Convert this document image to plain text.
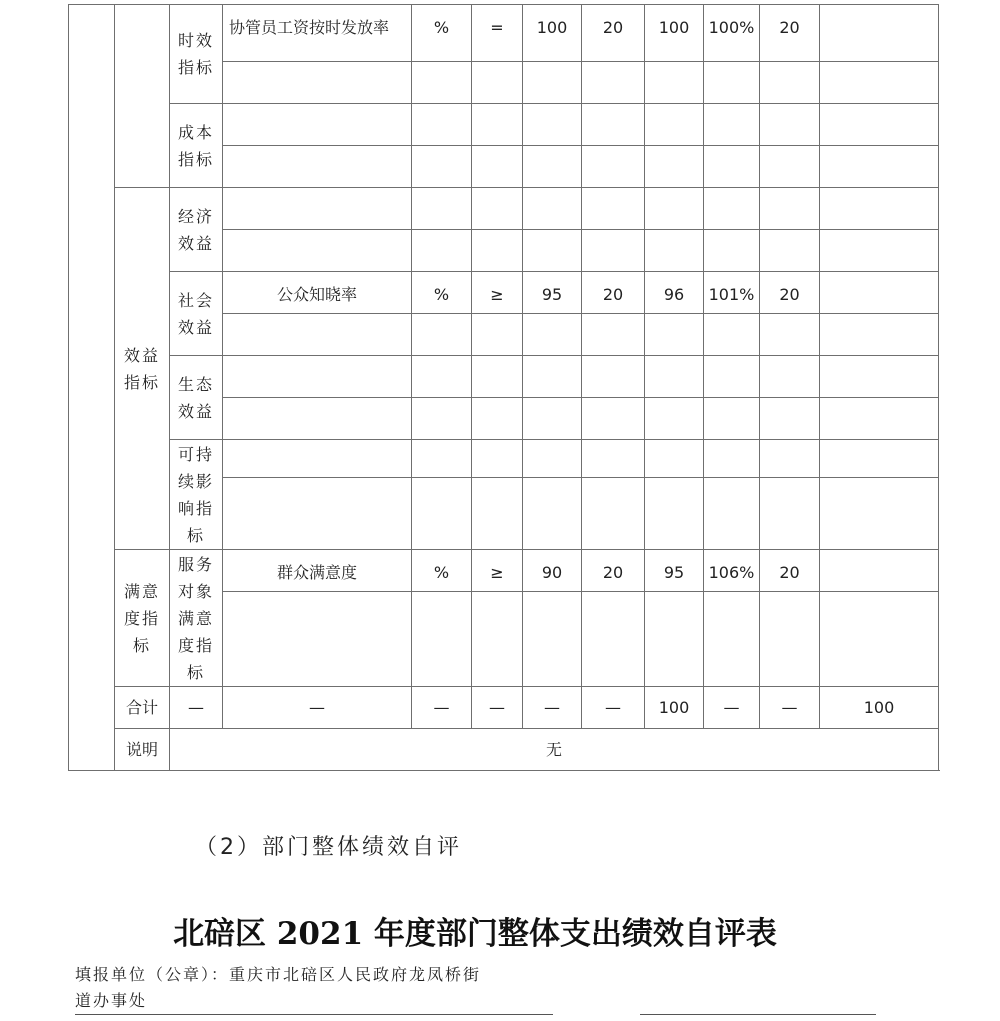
		时效指标	协管员工资按时发放率	%	=	100	20	100	100%	20		

		成本指标										

	效益指标	经济效益										

		社会效益	公众知晓率	%	≥	95	20	96	101%	20		

		生态效益										

		可持续影响指标										

	满意度指标	服务对象满意度指标	群众满意度	%	≥	90	20	95	106%	20		

	合计	—	—	—	—	—	—	100	—	—	100	
	说明	无										
（2）部门整体绩效自评
北碚区 2021 年度部门整体支出绩效自评表
填报单位（公章）：重庆市北碚区人民政府龙凤桥街道办事处
